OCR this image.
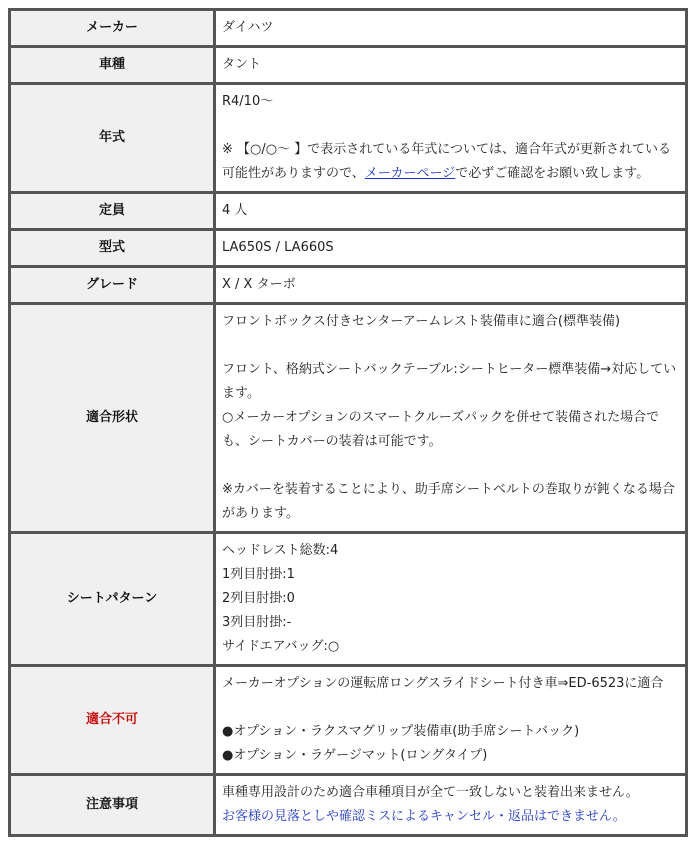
メーカー	ダイハツ
車種	タント
年式	R4/10～

※ 【○/○～ 】で表示されている年式については、適合年式が更新されている可能性がありますので、メーカーページで必ずご確認をお願い致します。

定員	4 人
型式	LA650S / LA660S
グレード	X / X ターボ
適合形状	フロントボックス付きセンターアームレスト装備車に適合(標準装備)

フロント、格納式シートバックテーブル:シートヒーター標準装備→対応しています。

○メーカーオプションのスマートクルーズパックを併せて装備された場合でも、シートカバーの装着は可能です。

※カバーを装着することにより、助手席シートベルトの巻取りが鈍くなる場合があります。

シートパターン	ヘッドレスト総数:4

1列目肘掛:1

2列目肘掛:0

3列目肘掛:-

サイドエアバッグ:○

適合不可	メーカーオプションの運転席ロングスライドシート付き車⇒ED-6523に適合

●オプション・ラクスマグリップ装備車(助手席シートバック)

●オプション・ラゲージマット(ロングタイプ)

注意事項	車種専用設計のため適合車種項目が全て一致しないと装着出来ません。

お客様の見落としや確認ミスによるキャンセル・返品はできません。
